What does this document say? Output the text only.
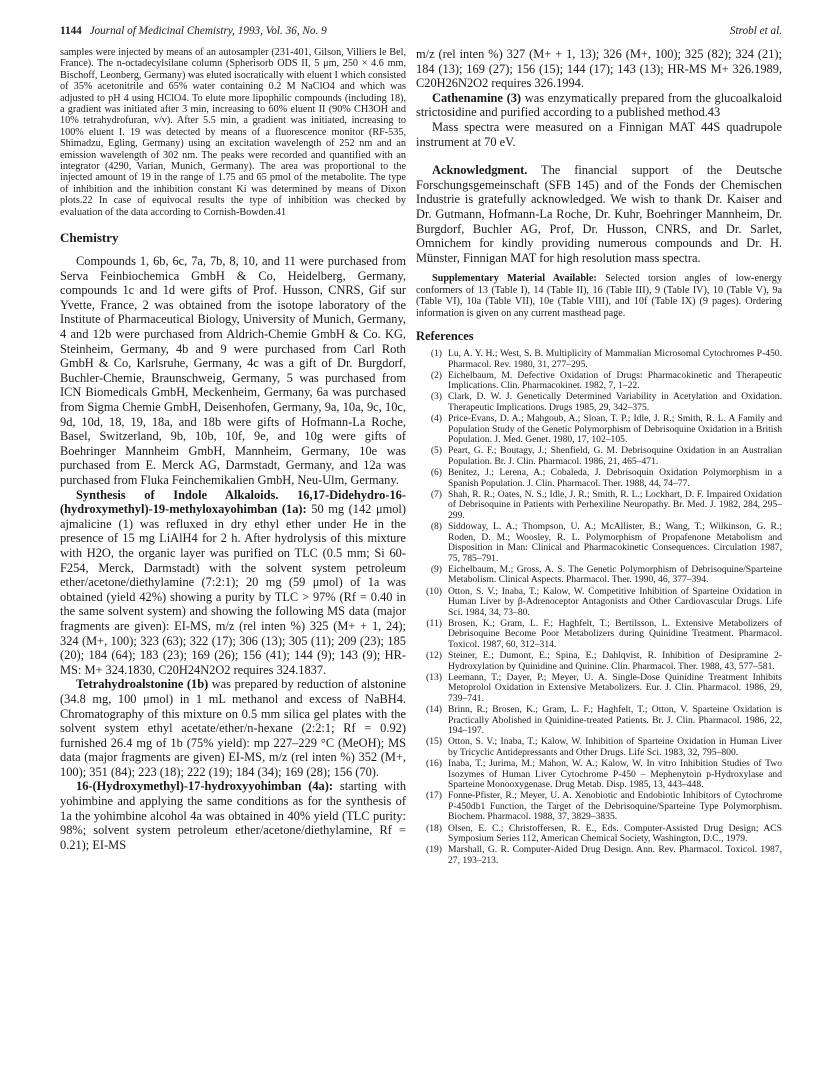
1144 Journal of Medicinal Chemistry, 1993, Vol. 36, No. 9	Strobl et al.

samples were injected by means of an autosampler (231-401, Gilson, Villiers le Bel, France). The n-octadecylsilane column (Spherisorb ODS II, 5 μm, 250 × 4.6 mm, Bischoff, Leonberg, Germany) was eluted isocratically with eluent I which consisted of 35% acetonitrile and 65% water containing 0.2 M NaClO4 and which was adjusted to pH 4 using HClO4. To elute more lipophilic compounds (including 18), a gradient was initiated after 3 min, increasing to 60% eluent II (90% CH3OH and 10% tetrahydrofuran, v/v). After 5.5 min, a gradient was initiated, increasing to 100% eluent I. 19 was detected by means of a fluorescence monitor (RF-535, Shimadzu, Egling, Germany) using an excitation wavelength of 252 nm and an emission wavelength of 302 nm. The peaks were recorded and quantified with an integrator (4290, Varian, Munich, Germany). The area was proportional to the injected amount of 19 in the range of 1.75 and 65 pmol of the metabolite. The type of inhibition and the inhibition constant Ki was determined by means of Dixon plots.22 In case of equivocal results the type of inhibition was checked by evaluation of the data according to Cornish-Bowden.41

Chemistry

Compounds 1, 6b, 6c, 7a, 7b, 8, 10, and 11 were purchased from Serva Feinbiochemica GmbH & Co, Heidelberg, Germany, compounds 1c and 1d were gifts of Prof. Husson, CNRS, Gif sur Yvette, France, 2 was obtained from the isotope laboratory of the Institute of Pharmaceutical Biology, University of Munich, Germany, 4 and 12b were purchased from Aldrich-Chemie GmbH & Co. KG, Steinheim, Germany, 4b and 9 were purchased from Carl Roth GmbH & Co, Karlsruhe, Germany, 4c was a gift of Dr. Burgdorf, Buchler-Chemie, Braunschweig, Germany, 5 was purchased from ICN Biomedicals GmbH, Meckenheim, Germany, 6a was purchased from Sigma Chemie GmbH, Deisenhofen, Germany, 9a, 10a, 9c, 10c, 9d, 10d, 18, 19, 18a, and 18b were gifts of Hofmann-La Roche, Basel, Switzerland, 9b, 10b, 10f, 9e, and 10g were gifts of Boehringer Mannheim GmbH, Mannheim, Germany, 10e was purchased from E. Merck AG, Darmstadt, Germany, and 12a was purchased from Fluka Feinchemikalien GmbH, Neu-Ulm, Germany.

Synthesis of Indole Alkaloids. 16,17-Didehydro-16-(hydroxymethyl)-19-methyloxayohimban (1a): 50 mg (142 μmol) ajmalicine (1) was refluxed in dry ethyl ether under He in the presence of 15 mg LiAlH4 for 2 h. After hydrolysis of this mixture with H2O, the organic layer was purified on TLC (0.5 mm; Si 60-F254, Merck, Darmstadt) with the solvent system petroleum ether/acetone/diethylamine (7:2:1); 20 mg (59 μmol) of 1a was obtained (yield 42%) showing a purity by TLC > 97% (Rf = 0.40 in the same solvent system) and showing the following MS data (major fragments are given): EI-MS, m/z (rel inten %) 325 (M+ + 1, 24); 324 (M+, 100); 323 (63); 322 (17); 306 (13); 305 (11); 209 (23); 185 (20); 184 (64); 183 (23); 169 (26); 156 (41); 144 (9); 143 (9); HR-MS: M+ 324.1830, C20H24N2O2 requires 324.1837.

Tetrahydroalstonine (1b) was prepared by reduction of alstonine (34.8 mg, 100 μmol) in 1 mL methanol and excess of NaBH4. Chromatography of this mixture on 0.5 mm silica gel plates with the solvent system ethyl acetate/ether/n-hexane (2:2:1; Rf = 0.92) furnished 26.4 mg of 1b (75% yield): mp 227–229 °C (MeOH); MS data (major fragments are given) EI-MS, m/z (rel inten %) 352 (M+, 100); 351 (84); 223 (18); 222 (19); 184 (34); 169 (28); 156 (70).

16-(Hydroxymethyl)-17-hydroxyyohimban (4a): starting with yohimbine and applying the same conditions as for the synthesis of 1a the yohimbine alcohol 4a was obtained in 40% yield (TLC purity: 98%; solvent system petroleum ether/acetone/diethylamine, Rf = 0.21); EI-MS

m/z (rel inten %) 327 (M+ + 1, 13); 326 (M+, 100); 325 (82); 324 (21); 184 (13); 169 (27); 156 (15); 144 (17); 143 (13); HR-MS M+ 326.1989, C20H26N2O2 requires 326.1994.

Cathenamine (3) was enzymatically prepared from the glucoalkaloid strictosidine and purified according to a published method.43

Mass spectra were measured on a Finnigan MAT 44S quadrupole instrument at 70 eV.

Acknowledgment. The financial support of the Deutsche Forschungsgemeinschaft (SFB 145) and of the Fonds der Chemischen Industrie is gratefully acknowledged. We wish to thank Dr. Kaiser and Dr. Gutmann, Hofmann-La Roche, Dr. Kuhr, Boehringer Mannheim, Dr. Burgdorf, Buchler AG, Prof, Dr. Husson, CNRS, and Dr. Sarlet, Omnichem for kindly providing numerous compounds and Dr. H. Münster, Finnigan MAT for high resolution mass spectra.

Supplementary Material Available: Selected torsion angles of low-energy conformers of 13 (Table I), 14 (Table II), 16 (Table III), 9 (Table IV), 10 (Table V), 9a (Table VI), 10a (Table VII), 10e (Table VIII), and 10f (Table IX) (9 pages). Ordering information is given on any current masthead page.

References
(1) Lu, A. Y. H.; West, S. B. Multiplicity of Mammalian Microsomal Cytochromes P-450. Pharmacol. Rev. 1980, 31, 277–295.
(2) Eichelbaum, M. Defective Oxidation of Drugs: Pharmacokinetic and Therapeutic Implications. Clin. Pharmacokinet. 1982, 7, 1–22.
(3) Clark, D. W. J. Genetically Determined Variability in Acetylation and Oxidation. Therapeutic Implications. Drugs 1985, 29, 342–375.
(4) Price-Evans, D. A.; Mahgoub, A.; Sloan, T. P.; Idle, J. R.; Smith, R. L. A Family and Population Study of the Genetic Polymorphism of Debrisoquine Oxidation in a British Population. J. Med. Genet. 1980, 17, 102–105.
(5) Peart, G. F.; Boutagy, J.; Shenfield, G. M. Debrisoquine Oxidation in an Australian Population. Br. J. Clin. Pharmacol. 1986, 21, 465–471.
(6) Benitez, J.; Lerena, A.; Cobaleda, J. Debrisoquin Oxidation Polymorphism in a Spanish Population. J. Clin. Pharmacol. Ther. 1988, 44, 74–77.
(7) Shah, R. R.; Oates, N. S.; Idle, J. R.; Smith, R. L.; Lockhart, D. F. Impaired Oxidation of Debrisoquine in Patients with Perhexiline Neuropathy. Br. Med. J. 1982, 284, 295–299.
(8) Siddoway, L. A.; Thompson, U. A.; McAllister, B.; Wang, T.; Wilkinson, G. R.; Roden, D. M.; Woosley, R. L. Polymorphism of Propafenone Metabolism and Disposition in Man: Clinical and Pharmacokinetic Consequences. Circulation 1987, 75, 785–791.
(9) Eichelbaum, M.; Gross, A. S. The Genetic Polymorphism of Debrisoquine/Sparteine Metabolism. Clinical Aspects. Pharmacol. Ther. 1990, 46, 377–394.
(10) Otton, S. V.; Inaba, T.; Kalow, W. Competitive Inhibition of Sparteine Oxidation in Human Liver by β-Adrenoceptor Antagonists and Other Cardiovascular Drugs. Life Sci. 1984, 34, 73–80.
(11) Brosen, K.; Gram, L. F.; Haghfelt, T.; Bertilsson, L. Extensive Metabolizers of Debrisoquine Become Poor Metabolizers during Quinidine Treatment. Pharmacol. Toxicol. 1987, 60, 312–314.
(12) Steiner, E.; Dumont, E.; Spina, E.; Dahlqvist, R. Inhibition of Desipramine 2-Hydroxylation by Quinidine and Quinine. Clin. Pharmacol. Ther. 1988, 43, 577–581.
(13) Leemann, T.; Dayer, P.; Meyer, U. A. Single-Dose Quinidine Treatment Inhibits Metoprolol Oxidation in Extensive Metabolizers. Eur. J. Clin. Pharmacol. 1986, 29, 739–741.
(14) Brinn, R.; Brosen, K.; Gram, L. F.; Haghfelt, T.; Otton, V. Sparteine Oxidation is Practically Abolished in Quinidine-treated Patients. Br. J. Clin. Pharmacol. 1986, 22, 194–197.
(15) Otton, S. V.; Inaba, T.; Kalow, W. Inhibition of Sparteine Oxidation in Human Liver by Tricyclic Antidepressants and Other Drugs. Life Sci. 1983, 32, 795–800.
(16) Inaba, T.; Jurima, M.; Mahon, W. A.; Kalow, W. In vitro Inhibition Studies of Two Isozymes of Human Liver Cytochrome P-450 – Mephenytoin p-Hydroxylase and Sparteine Monooxygenase. Drug Metab. Disp. 1985, 13, 443–448.
(17) Fonne-Pfister, R.; Meyer, U. A. Xenobiotic and Endobiotic Inhibitors of Cytochrome P-450db1 Function, the Target of the Debrisoquine/Sparteine Type Polymorphism. Biochem. Pharmacol. 1988, 37, 3829–3835.
(18) Olsen, E. C.; Christoffersen, R. E., Eds. Computer-Assisted Drug Design; ACS Symposium Series 112, American Chemical Society, Washington, D.C., 1979.
(19) Marshall, G. R. Computer-Aided Drug Design. Ann. Rev. Pharmacol. Toxicol. 1987, 27, 193–213.
